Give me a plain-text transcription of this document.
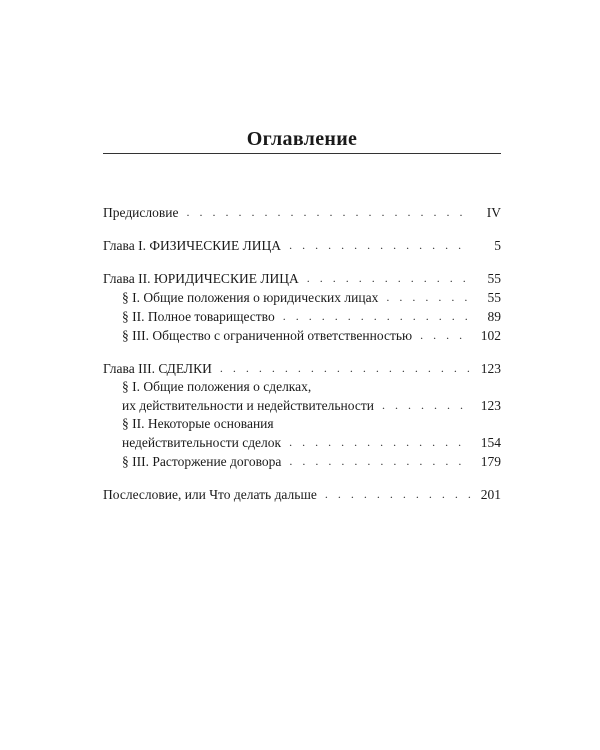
Оглавление
Предисловие . . .	IV
Глава I. ФИЗИЧЕСКИЕ ЛИЦА . . .	5
Глава II. ЮРИДИЧЕСКИЕ ЛИЦА . . .	55
§ I. Общие положения о юридических лицах . . .	55
§ II. Полное товарищество . . .	89
§ III. Общество с ограниченной ответственностью . . .	102
Глава III. СДЕЛКИ . . .	123
§ I. Общие положения о сделках,
их действительности и недействительности . . .	123
§ II. Некоторые основания
недействительности сделок . . .	154
§ III. Расторжение договора . . .	179
Послесловие, или Что делать дальше . . .	201
